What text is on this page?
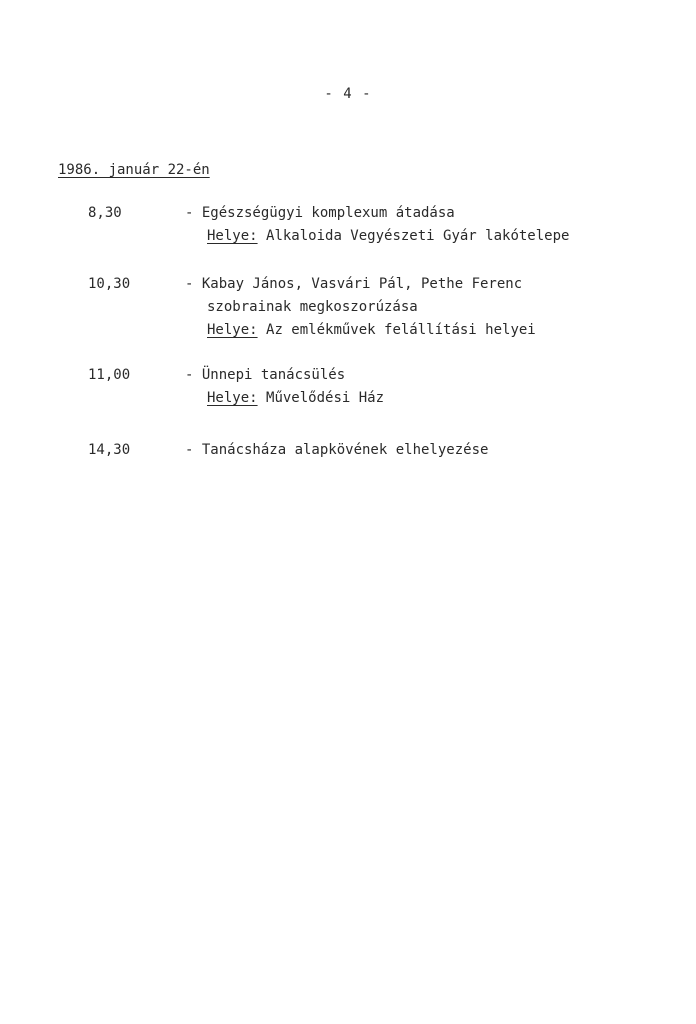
- 4 -
1986. január 22-én
8,30	- Egészségügyi komplexum átadása
Helye: Alkaloida Vegyészeti Gyár lakótelepe
10,30	- Kabay János, Vasvári Pál, Pethe Ferenc
szobrainak megkoszorúzása
Helye: Az emlékművek felállítási helyei
11,00	- Ünnepi tanácsülés
Helye: Művelődési Ház
14,30	- Tanácsháza alapkövének elhelyezése
